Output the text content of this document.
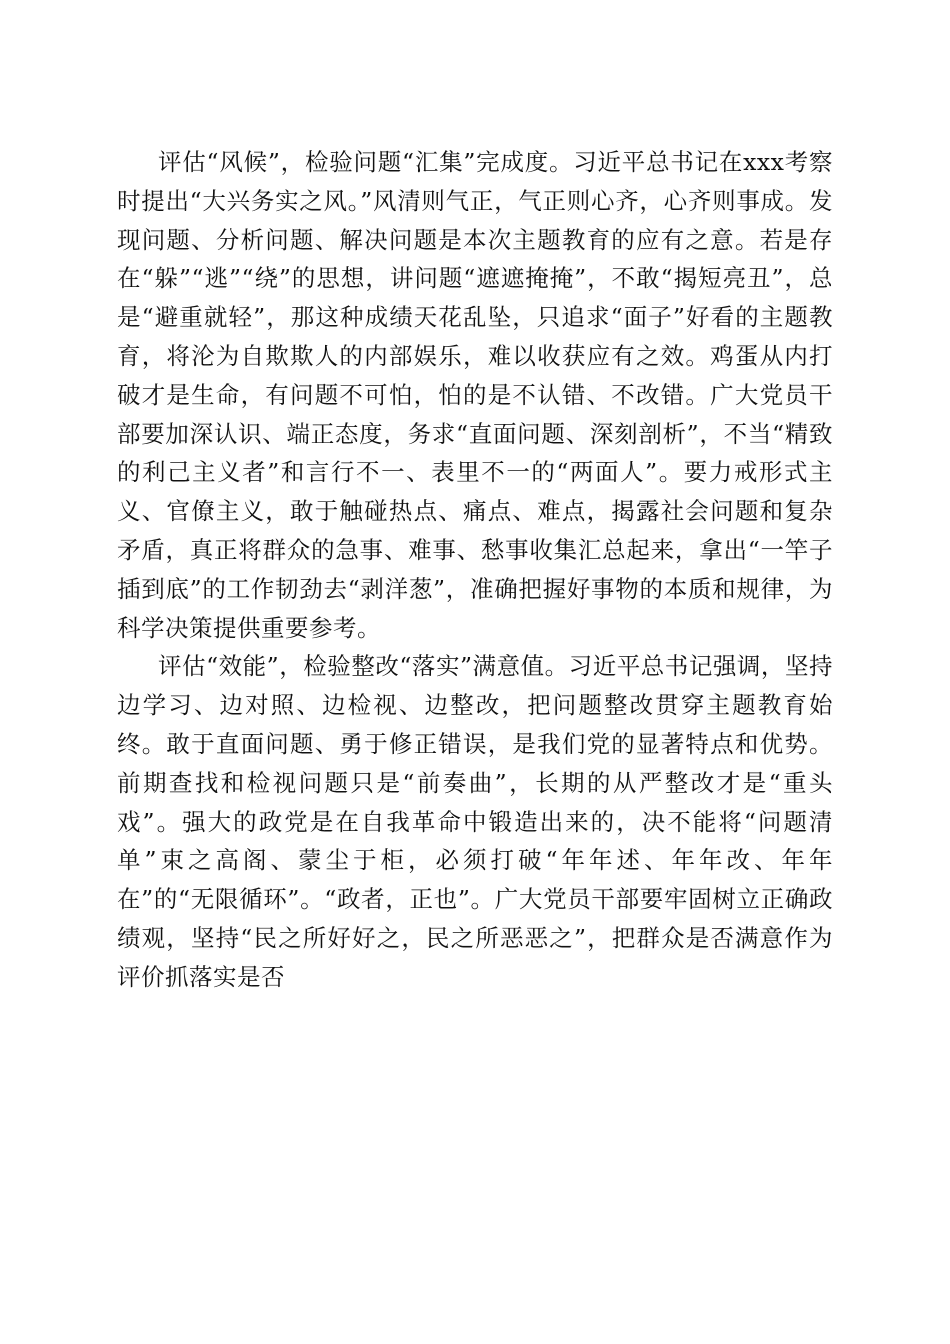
评估“风候”，检验问题“汇集”完成度。习近平总书记在xxx考察时提出“大兴务实之风。”风清则气正，气正则心齐，心齐则事成。发现问题、分析问题、解决问题是本次主题教育的应有之意。若是存在“躲”“逃”“绕”的思想，讲问题“遮遮掩掩”，不敢“揭短亮丑”，总是“避重就轻”，那这种成绩天花乱坠，只追求“面子”好看的主题教育，将沦为自欺欺人的内部娱乐，难以收获应有之效。鸡蛋从内打破才是生命，有问题不可怕，怕的是不认错、不改错。广大党员干部要加深认识、端正态度，务求“直面问题、深刻剖析”，不当“精致的利己主义者”和言行不一、表里不一的“两面人”。要力戒形式主义、官僚主义，敢于触碰热点、痛点、难点，揭露社会问题和复杂矛盾，真正将群众的急事、难事、愁事收集汇总起来，拿出“一竿子插到底”的工作韧劲去“剥洋葱”，准确把握好事物的本质和规律，为科学决策提供重要参考。

评估“效能”，检验整改“落实”满意值。习近平总书记强调，坚持边学习、边对照、边检视、边整改，把问题整改贯穿主题教育始终。敢于直面问题、勇于修正错误，是我们党的显著特点和优势。前期查找和检视问题只是“前奏曲”，长期的从严整改才是“重头戏”。强大的政党是在自我革命中锻造出来的，决不能将“问题清单”束之高阁、蒙尘于柜，必须打破“年年述、年年改、年年在”的“无限循环”。“政者，正也”。广大党员干部要牢固树立正确政绩观，坚持“民之所好好之，民之所恶恶之”，把群众是否满意作为评价抓落实是否
